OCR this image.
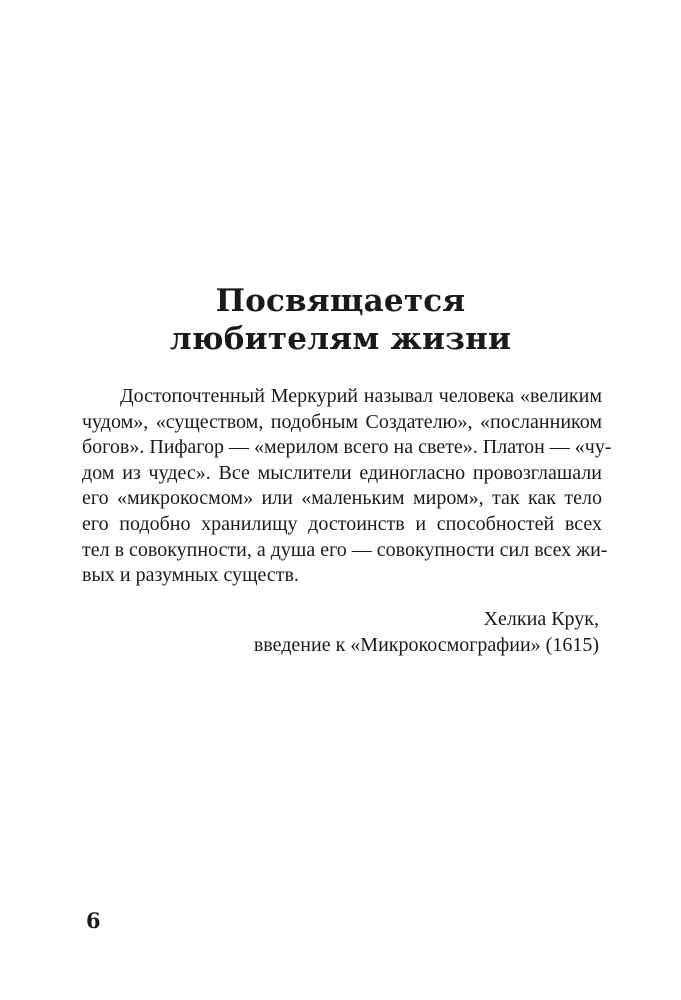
Посвящается
любителям жизни
Достопочтенный Меркурий называл человека «великим
чудом», «существом, подобным Создателю», «посланником
богов». Пифагор — «мерилом всего на свете». Платон — «чу-
дом из чудес». Все мыслители единогласно провозглашали
его «микрокосмом» или «маленьким миром», так как тело
его подобно хранилищу достоинств и способностей всех
тел в совокупности, а душа его — совокупности сил всех жи-
вых и разумных существ.
Хелкиа Крук,
введение к «Микрокосмографии» (1615)
6
